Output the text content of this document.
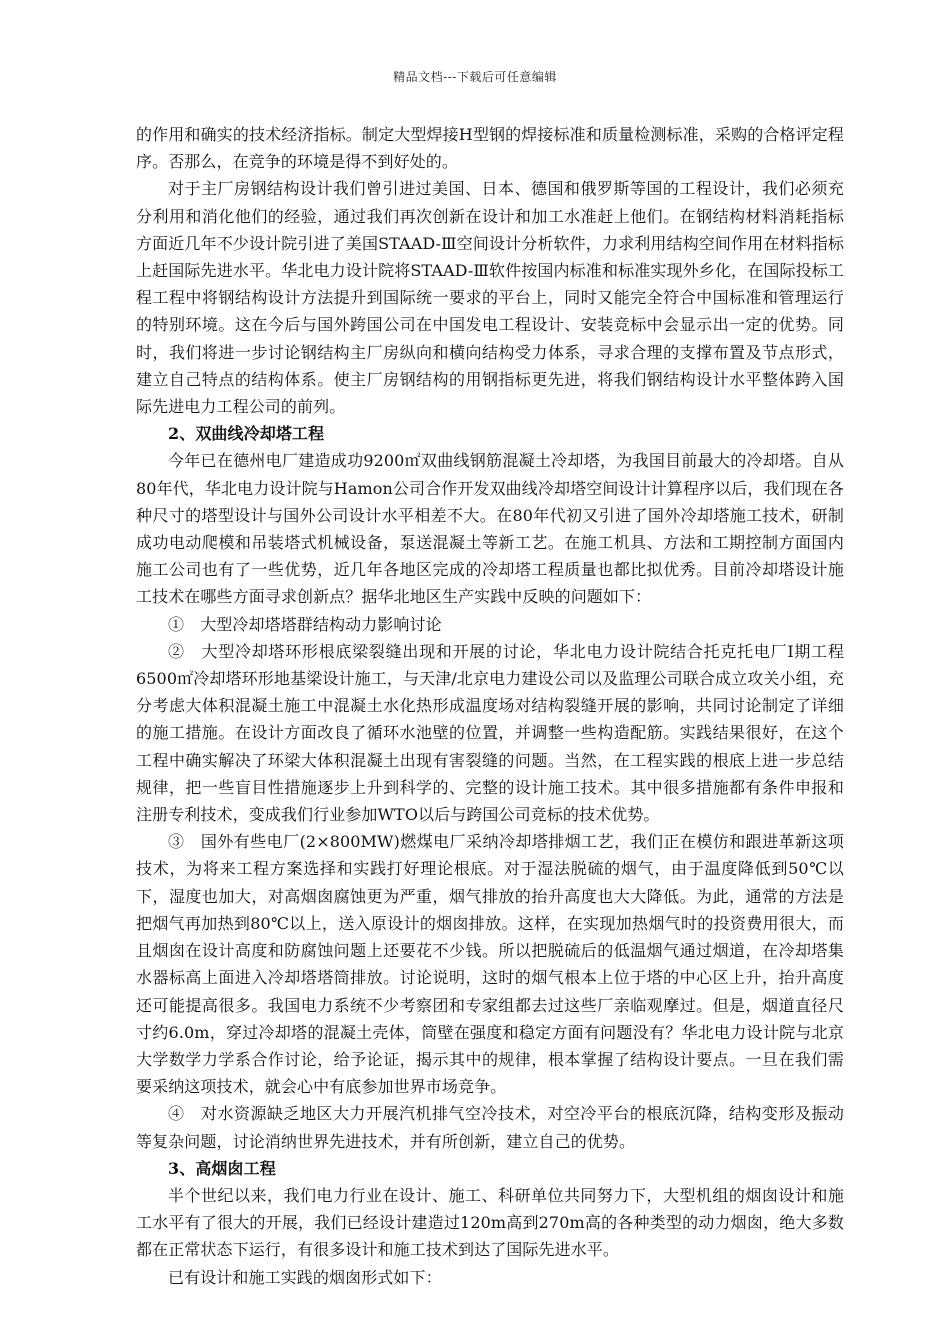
精品文档---下载后可任意编辑

的作用和确实的技术经济指标。制定大型焊接H型钢的焊接标准和质量检测标准，采购的合格评定程序。否那么，在竞争的环境是得不到好处的。

对于主厂房钢结构设计我们曾引进过美国、日本、德国和俄罗斯等国的工程设计，我们必须充分利用和消化他们的经验，通过我们再次创新在设计和加工水准赶上他们。在钢结构材料消耗指标方面近几年不少设计院引进了美国STAAD-Ⅲ空间设计分析软件，力求利用结构空间作用在材料指标上赶国际先进水平。华北电力设计院将STAAD-Ⅲ软件按国内标准和标准实现外乡化，在国际投标工程工程中将钢结构设计方法提升到国际统一要求的平台上，同时又能完全符合中国标准和管理运行的特别环境。这在今后与国外跨国公司在中国发电工程设计、安装竞标中会显示出一定的优势。同时，我们将进一步讨论钢结构主厂房纵向和横向结构受力体系，寻求合理的支撑布置及节点形式，建立自己特点的结构体系。使主厂房钢结构的用钢指标更先进，将我们钢结构设计水平整体跨入国际先进电力工程公司的前列。

2、双曲线冷却塔工程

今年已在德州电厂建造成功9200㎡双曲线钢筋混凝土冷却塔，为我国目前最大的冷却塔。自从80年代，华北电力设计院与Hamon公司合作开发双曲线冷却塔空间设计计算程序以后，我们现在各种尺寸的塔型设计与国外公司设计水平相差不大。在80年代初又引进了国外冷却塔施工技术，研制成功电动爬模和吊装塔式机械设备，泵送混凝土等新工艺。在施工机具、方法和工期控制方面国内施工公司也有了一些优势，近几年各地区完成的冷却塔工程质量也都比拟优秀。目前冷却塔设计施工技术在哪些方面寻求创新点？据华北地区生产实践中反映的问题如下：

①　大型冷却塔塔群结构动力影响讨论

②　大型冷却塔环形根底梁裂缝出现和开展的讨论，华北电力设计院结合托克托电厂Ⅰ期工程6500㎡冷却塔环形地基梁设计施工，与天津/北京电力建设公司以及监理公司联合成立攻关小组，充分考虑大体积混凝土施工中混凝土水化热形成温度场对结构裂缝开展的影响，共同讨论制定了详细的施工措施。在设计方面改良了循环水池壁的位置，并调整一些构造配筋。实践结果很好，在这个工程中确实解决了环梁大体积混凝土出现有害裂缝的问题。当然，在工程实践的根底上进一步总结规律，把一些盲目性措施逐步上升到科学的、完整的设计施工技术。其中很多措施都有条件申报和注册专利技术，变成我们行业参加WTO以后与跨国公司竞标的技术优势。

③　国外有些电厂(2×800MW)燃煤电厂采纳冷却塔排烟工艺，我们正在模仿和跟进革新这项技术，为将来工程方案选择和实践打好理论根底。对于湿法脱硫的烟气，由于温度降低到50℃以下，湿度也加大，对高烟囱腐蚀更为严重，烟气排放的抬升高度也大大降低。为此，通常的方法是把烟气再加热到80℃以上，送入原设计的烟囱排放。这样，在实现加热烟气时的投资费用很大，而且烟囱在设计高度和防腐蚀问题上还要花不少钱。所以把脱硫后的低温烟气通过烟道，在冷却塔集水器标高上面进入冷却塔塔筒排放。讨论说明，这时的烟气根本上位于塔的中心区上升，抬升高度还可能提高很多。我国电力系统不少考察团和专家组都去过这些厂亲临观摩过。但是，烟道直径尺寸约6.0m，穿过冷却塔的混凝土壳体，筒壁在强度和稳定方面有问题没有？华北电力设计院与北京大学数学力学系合作讨论，给予论证，揭示其中的规律，根本掌握了结构设计要点。一旦在我们需要采纳这项技术，就会心中有底参加世界市场竞争。

④　对水资源缺乏地区大力开展汽机排气空冷技术，对空冷平台的根底沉降，结构变形及振动等复杂问题，讨论消纳世界先进技术，并有所创新，建立自己的优势。

3、高烟囱工程

半个世纪以来，我们电力行业在设计、施工、科研单位共同努力下，大型机组的烟囱设计和施工水平有了很大的开展，我们已经设计建造过120m高到270m高的各种类型的动力烟囱，绝大多数都在正常状态下运行，有很多设计和施工技术到达了国际先进水平。

已有设计和施工实践的烟囱形式如下：
